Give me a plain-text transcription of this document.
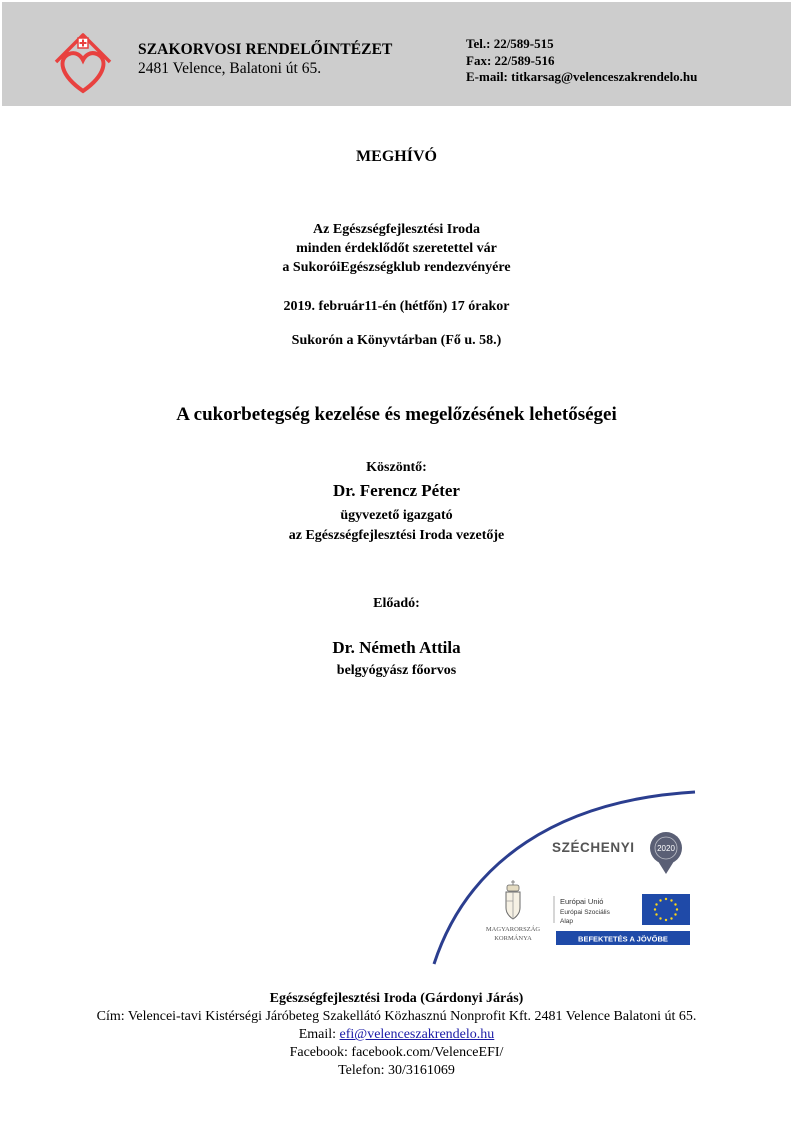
SZAKORVOSI RENDELŐINTÉZET
2481 Velence, Balatoni út 65.
Tel.: 22/589-515
Fax: 22/589-516
E-mail: titkarsag@velenceszakrendelo.hu
MEGHÍVÓ
Az Egészségfejlesztési Iroda
minden érdeklődőt szeretettel vár
a SukoróiEgészségklub rendezvényére
2019. február11-én (hétfőn) 17 órakor
Sukorón a Könyvtárban (Fő u. 58.)
A cukorbetegség kezelése és megelőzésének lehetőségei
Köszöntő:
Dr. Ferencz Péter
ügyvezető igazgató
az Egészségfejlesztési Iroda vezetője
Előadó:
Dr. Németh Attila
belgyógyász főorvos
SZÉCHENYI	2020
MAGYARORSZÁG
KORMÁNYA
Európai Unió
Európai Szociális
Alap
BEFEKTETÉS A JÖVŐBE
Egészségfejlesztési Iroda (Gárdonyi Járás)
Cím: Velencei-tavi Kistérségi Járóbeteg Szakellátó Közhasznú Nonprofit Kft. 2481 Velence Balatoni út 65.
Email: efi@velenceszakrendelo.hu
Facebook: facebook.com/VelenceEFI/
Telefon: 30/3161069
